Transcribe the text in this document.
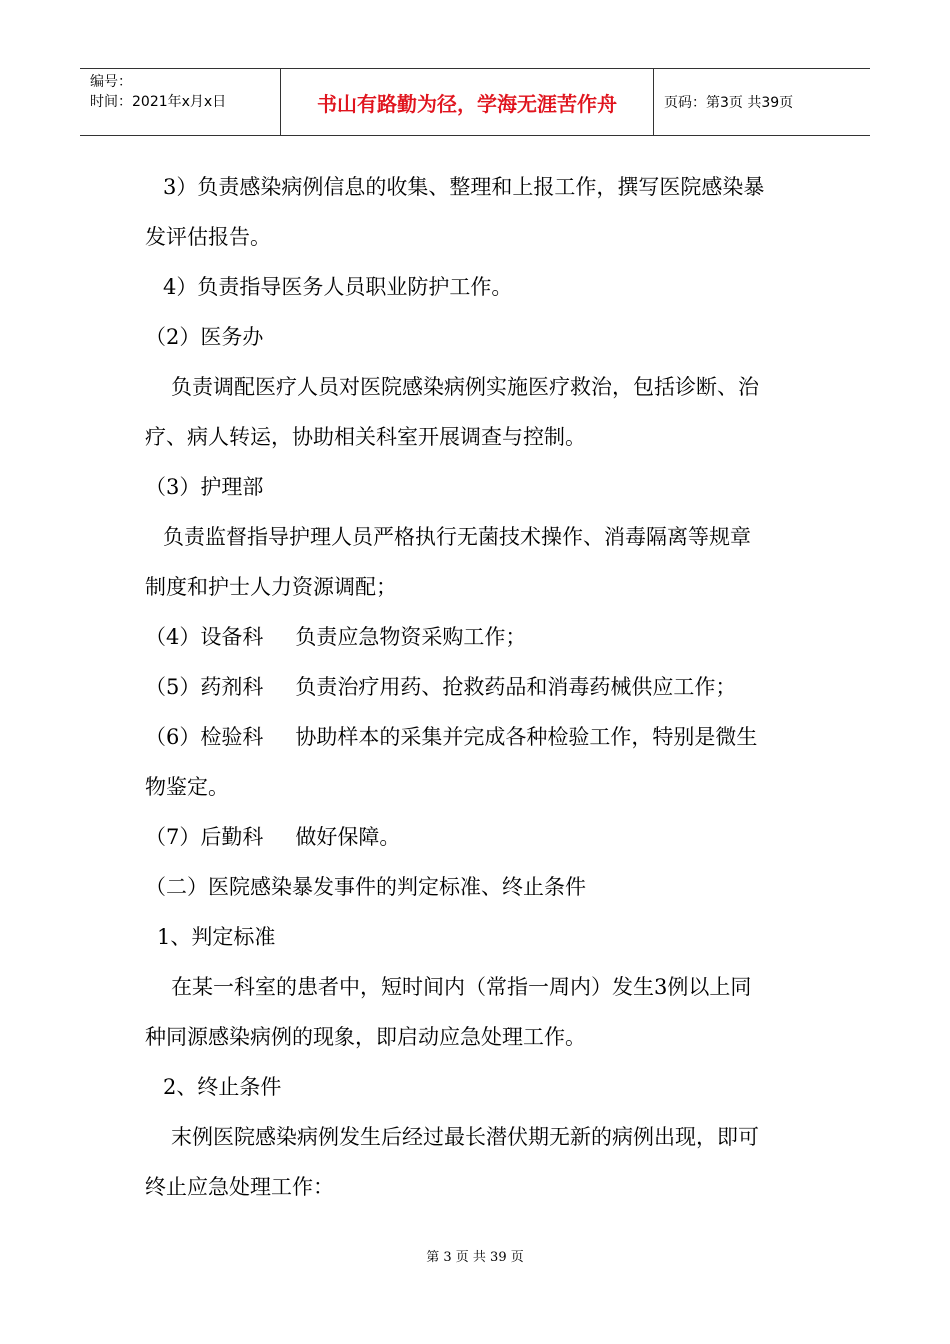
编号：
时间：2021年x月x日	书山有路勤为径，学海无涯苦作舟	页码：第3页 共39页

3）负责感染病例信息的收集、整理和上报工作，撰写医院感染暴

发评估报告。

4）负责指导医务人员职业防护工作。

（2）医务办

负责调配医疗人员对医院感染病例实施医疗救治，包括诊断、治

疗、病人转运，协助相关科室开展调查与控制。

（3）护理部

负责监督指导护理人员严格执行无菌技术操作、消毒隔离等规章

制度和护士人力资源调配；

（4）设备科 负责应急物资采购工作；

（5）药剂科 负责治疗用药、抢救药品和消毒药械供应工作；

（6）检验科 协助样本的采集并完成各种检验工作，特别是微生

物鉴定。

（7）后勤科 做好保障。

（二）医院感染暴发事件的判定标准、终止条件

1、判定标准

在某一科室的患者中，短时间内（常指一周内）发生3例以上同

种同源感染病例的现象，即启动应急处理工作。

2、终止条件

末例医院感染病例发生后经过最长潜伏期无新的病例出现，即可

终止应急处理工作：

第 3 页 共 39 页
